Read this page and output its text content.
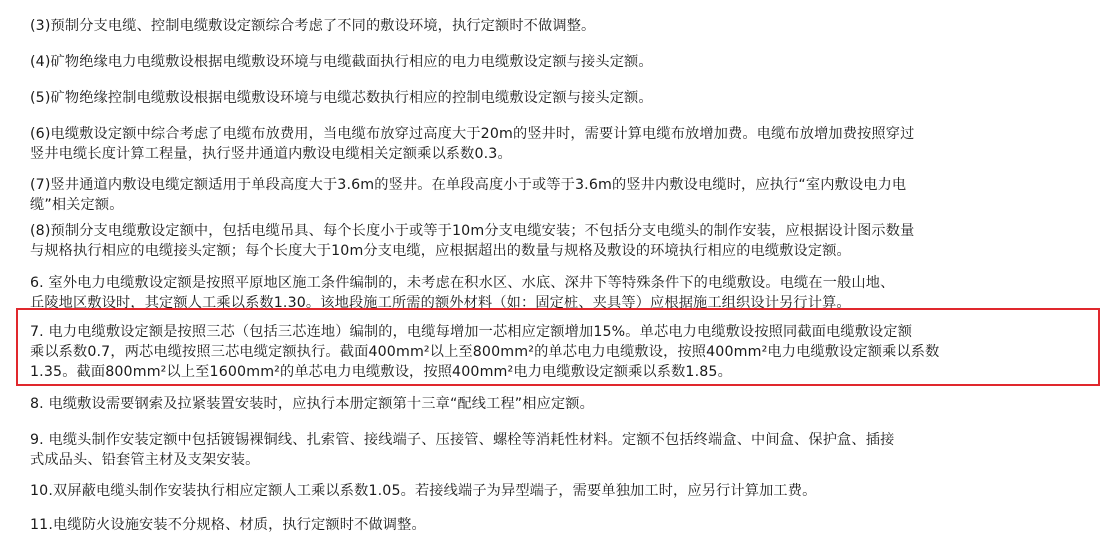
(3)预制分支电缆、控制电缆敷设定额综合考虑了不同的敷设环境，执行定额时不做调整。

(4)矿物绝缘电力电缆敷设根据电缆敷设环境与电缆截面执行相应的电力电缆敷设定额与接头定额。

(5)矿物绝缘控制电缆敷设根据电缆敷设环境与电缆芯数执行相应的控制电缆敷设定额与接头定额。

(6)电缆敷设定额中综合考虑了电缆布放费用，当电缆布放穿过高度大于20m的竖井时，需要计算电缆布放增加费。电缆布放增加费按照穿过
竖井电缆长度计算工程量，执行竖井通道内敷设电缆相关定额乘以系数0.3。

(7)竖井通道内敷设电缆定额适用于单段高度大于3.6m的竖井。在单段高度小于或等于3.6m的竖井内敷设电缆时，应执行“室内敷设电力电
缆”相关定额。

(8)预制分支电缆敷设定额中，包括电缆吊具、每个长度小于或等于10m分支电缆安装；不包括分支电缆头的制作安装，应根据设计图示数量
与规格执行相应的电缆接头定额；每个长度大于10m分支电缆，应根据超出的数量与规格及敷设的环境执行相应的电缆敷设定额。

6. 室外电力电缆敷设定额是按照平原地区施工条件编制的，未考虑在积水区、水底、深井下等特殊条件下的电缆敷设。电缆在一般山地、
丘陵地区敷设时，其定额人工乘以系数1.30。该地段施工所需的额外材料（如：固定桩、夹具等）应根据施工组织设计另行计算。

7. 电力电缆敷设定额是按照三芯（包括三芯连地）编制的，电缆每增加一芯相应定额增加15%。单芯电力电缆敷设按照同截面电缆敷设定额
乘以系数0.7，两芯电缆按照三芯电缆定额执行。截面400mm²以上至800mm²的单芯电力电缆敷设，按照400mm²电力电缆敷设定额乘以系数
1.35。截面800mm²以上至1600mm²的单芯电力电缆敷设，按照400mm²电力电缆敷设定额乘以系数1.85。

8. 电缆敷设需要钢索及拉紧装置安装时，应执行本册定额第十三章“配线工程”相应定额。

9. 电缆头制作安装定额中包括镀锡裸铜线、扎索管、接线端子、压接管、螺栓等消耗性材料。定额不包括终端盒、中间盒、保护盒、插接
式成品头、铅套管主材及支架安装。

10.双屏蔽电缆头制作安装执行相应定额人工乘以系数1.05。若接线端子为异型端子，需要单独加工时，应另行计算加工费。

11.电缆防火设施安装不分规格、材质，执行定额时不做调整。
